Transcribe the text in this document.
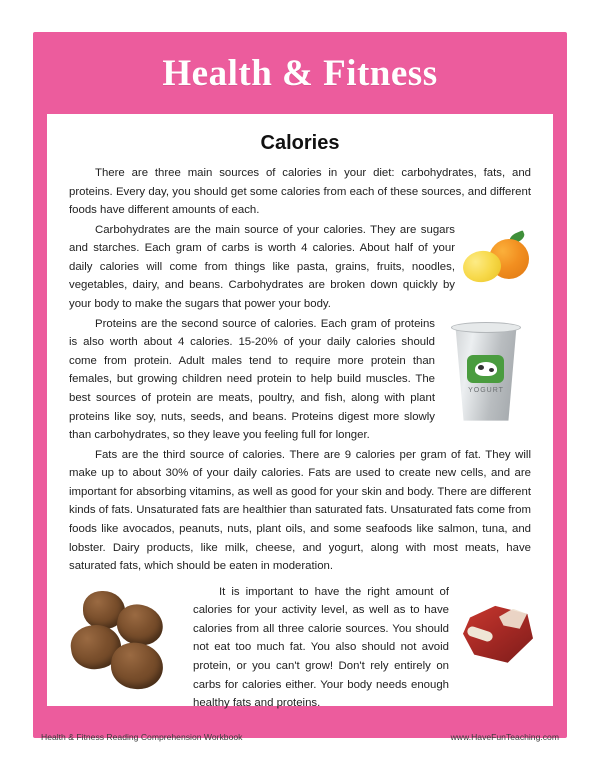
Health & Fitness
Calories

There are three main sources of calories in your diet: carbohydrates, fats, and proteins. Every day, you should get some calories from each of these sources, and different foods have different amounts of each.

Carbohydrates are the main source of your calories. They are sugars and starches. Each gram of carbs is worth 4 calories. About half of your daily calories will come from things like pasta, grains, fruits, noodles, vegetables, dairy, and beans. Carbohydrates are broken down quickly by your body to make the sugars that power your body.

YOGURT

Proteins are the second source of calories. Each gram of proteins is also worth about 4 calories. 15-20% of your daily calories should come from protein. Adult males tend to require more protein than females, but growing children need protein to help build muscles. The best sources of protein are meats, poultry, and fish, along with plant proteins like soy, nuts, seeds, and beans. Proteins digest more slowly than carbohydrates, so they leave you feeling full for longer.

Fats are the third source of calories. There are 9 calories per gram of fat. They will make up to about 30% of your daily calories. Fats are used to create new cells, and are important for absorbing vitamins, as well as good for your skin and body. There are different kinds of fats. Unsaturated fats are healthier than saturated fats. Unsaturated fats come from foods like avocados, peanuts, nuts, plant oils, and some seafoods like salmon, tuna, and lobster. Dairy products, like milk, cheese, and yogurt, along with most meats, have saturated fats, which should be eaten in moderation.

It is important to have the right amount of calories for your activity level, as well as to have calories from all three calorie sources. You should not eat too much fat. You also should not avoid protein, or you can't grow! Don't rely entirely on carbs for calories either. Your body needs enough healthy fats and proteins.
Health & Fitness Reading Comprehension Workbook	www.HaveFunTeaching.com
